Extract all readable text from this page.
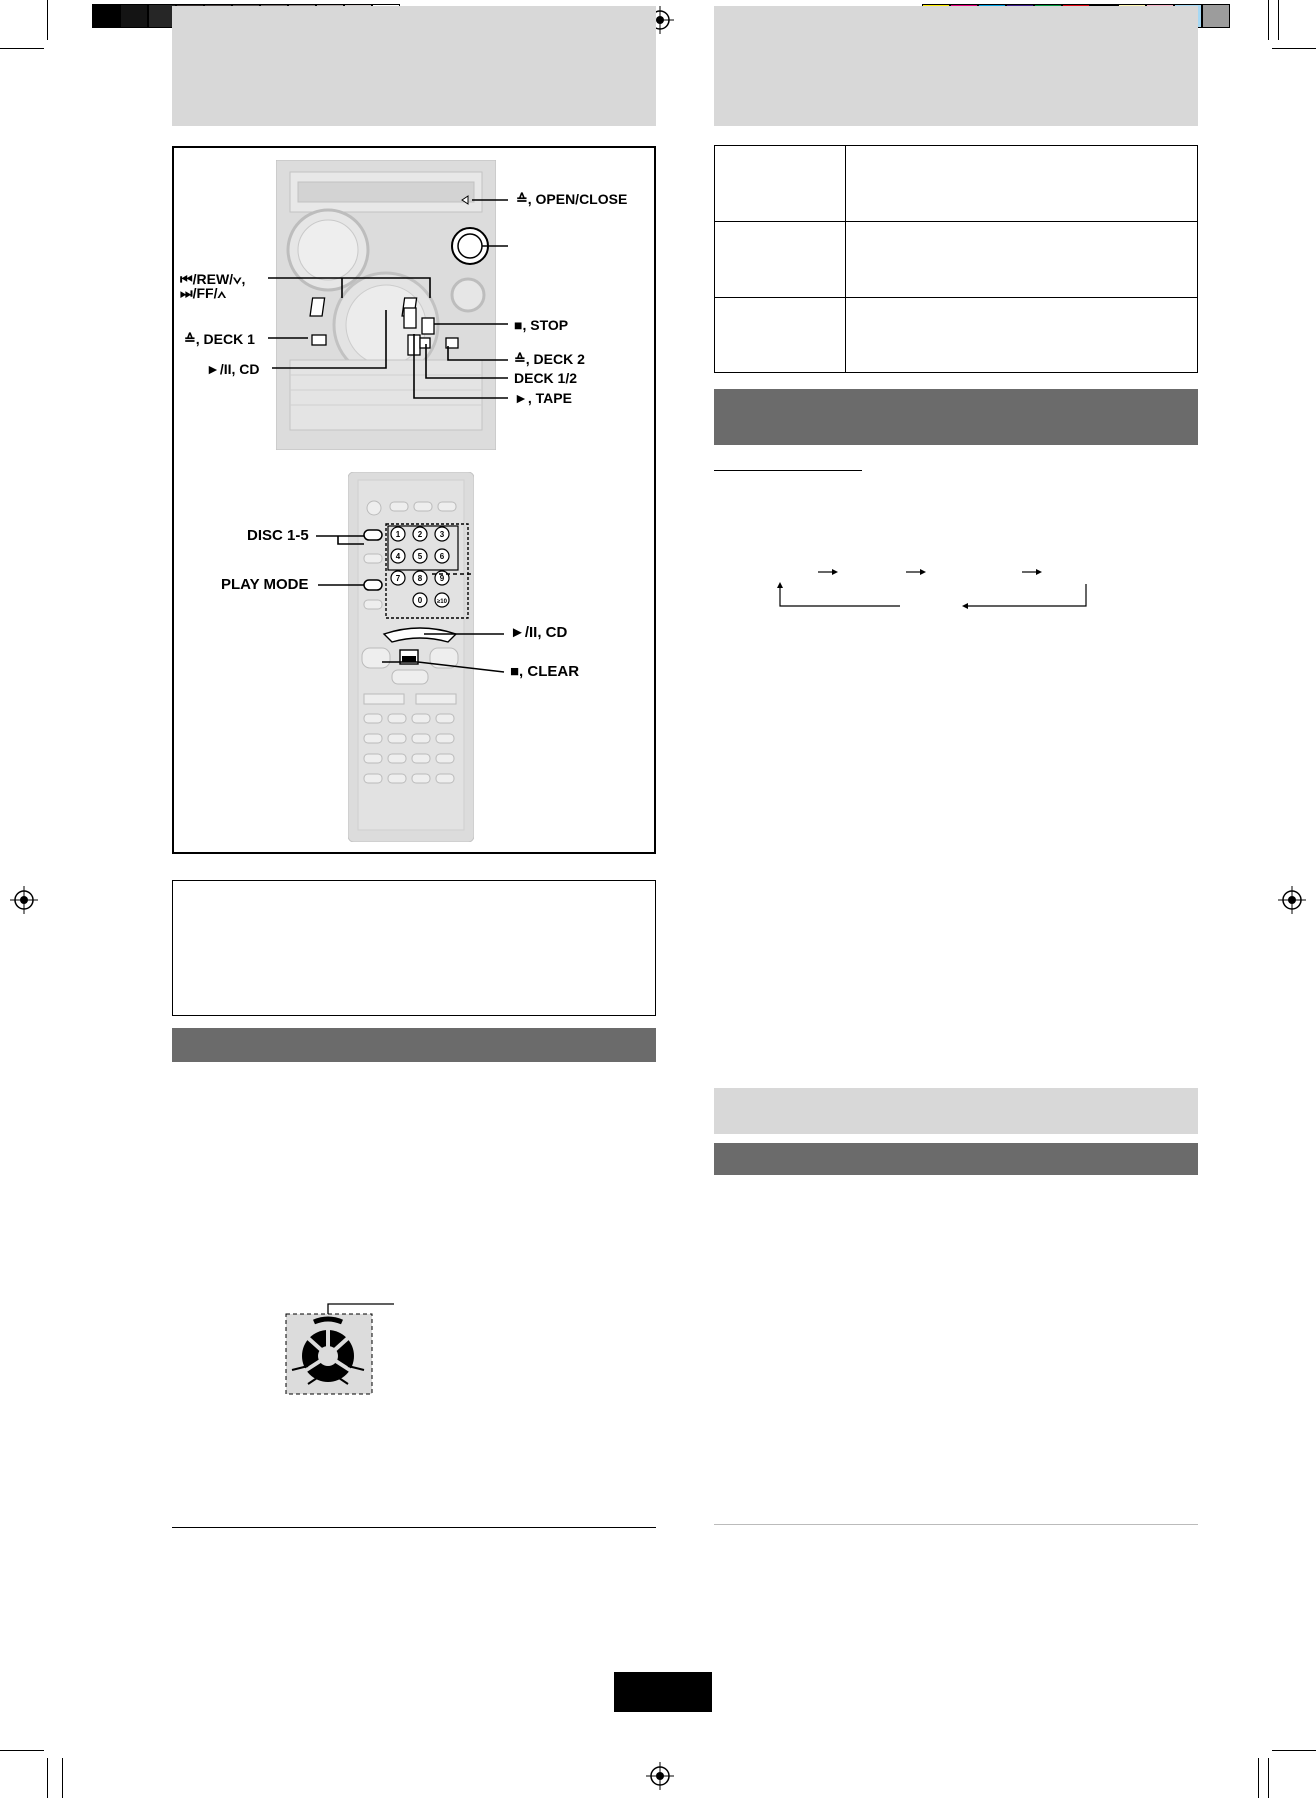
≙, OPEN/CLOSE
⏮/REW/∨,
⏭/FF/∧
≙, DECK 1
►/II, CD
■, STOP
≙, DECK 2
DECK 1/2
►, TAPE
1 2 3
4 5 6
7 8 9
0 ≥10
DISC 1-5
PLAY MODE
►/II, CD
■, CLEAR
